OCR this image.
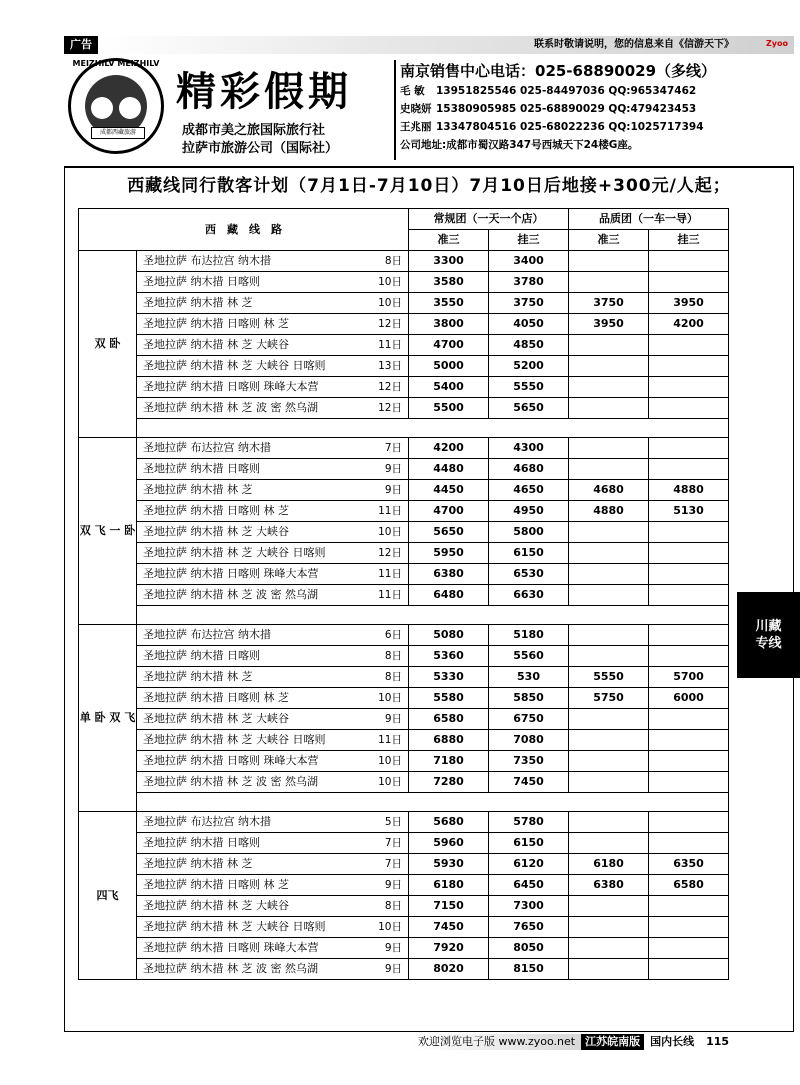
广告	联系时敬请说明，您的信息来自《信游天下》	Zyoo
MEIZHILV MEIZHILV
成都西藏旅游
精彩假期
成都市美之旅国际旅行社
拉萨市旅游公司（国际社）
南京销售中心电话：025-68890029（多线）
毛 敏 13951825546 025-84497036 QQ:965347462
史晓妍 15380905985 025-68890029 QQ:479423453
王兆丽 13347804516 025-68022236 QQ:1025717394
公司地址:成都市蜀汉路347号西城天下24楼G座。
西藏线同行散客计划（7月1日-7月10日）7月10日后地接+300元/人起；
西　藏　线　路		常规团（一天一个店）		品质团（一车一导）	
		准三	挂三	准三	挂三
双 卧	圣地拉萨 布达拉宫 纳木措 8日	3300	3400		
	圣地拉萨 纳木措 日喀则 10日	3580	3780		
	圣地拉萨 纳木措 林 芝 10日	3550	3750	3750	3950
	圣地拉萨 纳木措 日喀则 林 芝 12日	3800	4050	3950	4200
	圣地拉萨 纳木措 林 芝 大峡谷 11日	4700	4850		
	圣地拉萨 纳木措 林 芝 大峡谷 日喀则 13日	5000	5200		
	圣地拉萨 纳木措 日喀则 珠峰大本营 12日	5400	5550		
	圣地拉萨 纳木措 林 芝 波 密 然乌湖 12日	5500	5650		

双 飞 一 卧	圣地拉萨 布达拉宫 纳木措 7日	4200	4300		
	圣地拉萨 纳木措 日喀则 9日	4480	4680		
	圣地拉萨 纳木措 林 芝 9日	4450	4650	4680	4880
	圣地拉萨 纳木措 日喀则 林 芝 11日	4700	4950	4880	5130
	圣地拉萨 纳木措 林 芝 大峡谷 10日	5650	5800		
	圣地拉萨 纳木措 林 芝 大峡谷 日喀则 12日	5950	6150		
	圣地拉萨 纳木措 日喀则 珠峰大本营 11日	6380	6530		
	圣地拉萨 纳木措 林 芝 波 密 然乌湖 11日	6480	6630		

单 卧 双 飞	圣地拉萨 布达拉宫 纳木措 6日	5080	5180		
	圣地拉萨 纳木措 日喀则 8日	5360	5560		
	圣地拉萨 纳木措 林 芝 8日	5330	530	5550	5700
	圣地拉萨 纳木措 日喀则 林 芝 10日	5580	5850	5750	6000
	圣地拉萨 纳木措 林 芝 大峡谷 9日	6580	6750		
	圣地拉萨 纳木措 林 芝 大峡谷 日喀则 11日	6880	7080		
	圣地拉萨 纳木措 日喀则 珠峰大本营 10日	7180	7350		
	圣地拉萨 纳木措 林 芝 波 密 然乌湖 10日	7280	7450		

四飞	圣地拉萨 布达拉宫 纳木措 5日	5680	5780		
	圣地拉萨 纳木措 日喀则 7日	5960	6150		
	圣地拉萨 纳木措 林 芝 7日	5930	6120	6180	6350
	圣地拉萨 纳木措 日喀则 林 芝 9日	6180	6450	6380	6580
	圣地拉萨 纳木措 林 芝 大峡谷 8日	7150	7300		
	圣地拉萨 纳木措 林 芝 大峡谷 日喀则 10日	7450	7650		
	圣地拉萨 纳木措 日喀则 珠峰大本营 9日	7920	8050		
	圣地拉萨 纳木措 林 芝 波 密 然乌湖 9日	8020	8150		
川藏专线
欢迎浏览电子版 www.zyoo.net 江苏皖南版 国内长线 115
